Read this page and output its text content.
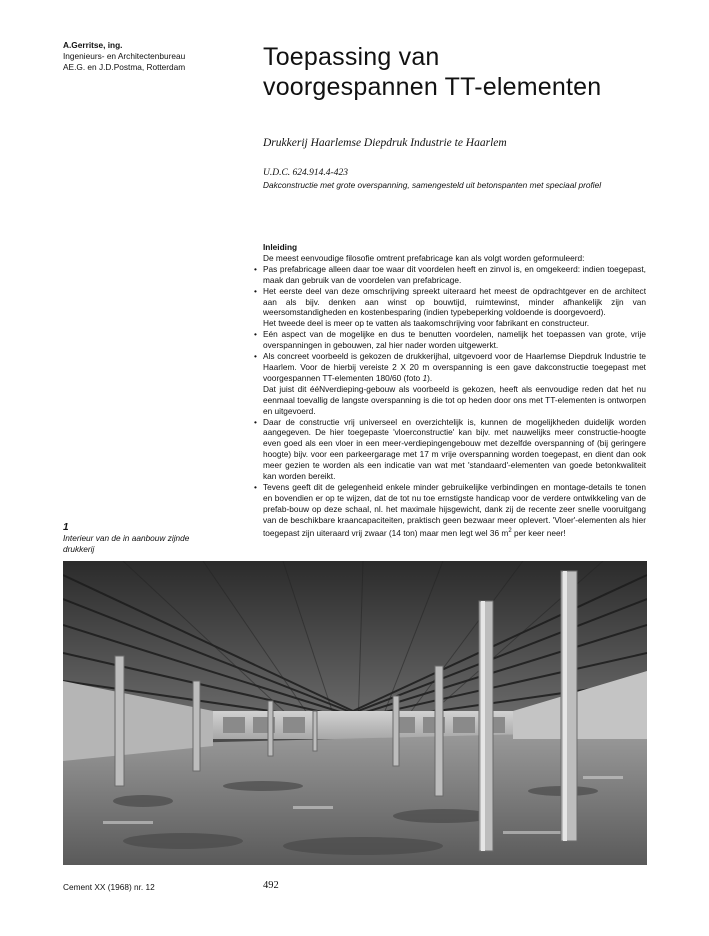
A.Gerritse, ing.
Ingenieurs- en Architectenbureau
AE.G. en J.D.Postma, Rotterdam	Toepassing van
voorgespannen TT-elementen
Drukkerij Haarlemse Diepdruk Industrie te Haarlem
U.D.C. 624.914.4-423
Dakconstructie met grote overspanning, samengesteld uit betonspanten met speciaal profiel

Inleiding

De meest eenvoudige filosofie omtrent prefabricage kan als volgt worden geformuleerd:

• Pas prefabricage alleen daar toe waar dit voordelen heeft en zinvol is, en omgekeerd: indien toegepast, maak dan gebruik van de voordelen van prefabricage.

• Het eerste deel van deze omschrijving spreekt uiteraard het meest de opdrachtgever en de architect aan als bijv. denken aan winst op bouwtijd, ruimtewinst, minder afhankelijk zijn van weersomstandigheden en kostenbesparing (indien typebeperking voldoende is doorgevoerd).

Het tweede deel is meer op te vatten als taakomschrijving voor fabrikant en constructeur.

• Eén aspect van de mogelijke en dus te benutten voordelen, namelijk het toepassen van grote, vrije overspanningen in gebouwen, zal hier nader worden uitgewerkt.

• Als concreet voorbeeld is gekozen de drukkerijhal, uitgevoerd voor de Haarlemse Diepdruk Industrie te Haarlem. Voor de hierbij vereiste 2 X 20 m overspanning is een gave dakconstructie toegepast met voorgespannen TT-elementen 180/60 (foto 1).

Dat juist dit ééNverdieping-gebouw als voorbeeld is gekozen, heeft als eenvoudige reden dat het nu eenmaal toevallig de langste overspanning is die tot op heden door ons met TT-elementen is ontworpen en uitgevoerd.

• Daar de constructie vrij universeel en overzichtelijk is, kunnen de mogelijkheden duidelijk worden aangegeven. De hier toegepaste 'vloerconstructie' kan bijv. met nauwelijks meer constructie-hoogte even goed als een vloer in een meer-verdiepingengebouw met dezelfde overspanning of (bij geringere hoogte) bijv. voor een parkeergarage met 17 m vrije overspanning worden toegepast, en dient dan ook meer gezien te worden als een indicatie van wat met 'standaard'-elementen van goede betonkwaliteit kan worden bereikt.

• Tevens geeft dit de gelegenheid enkele minder gebruikelijke verbindingen en montage-details te tonen en bovendien er op te wijzen, dat de tot nu toe ernstigste handicap voor de verdere ontwikkeling van de prefab-bouw op deze schaal, nl. het maximale hijsgewicht, dank zij de recente zeer snelle vooruitgang van de beschikbare kraancapaciteiten, praktisch geen bezwaar meer oplevert. 'Vloer'-elementen als hier toegepast zijn uiteraard vrij zwaar (14 ton) maar men legt wel 36 $m^2$ per keer neer!

1
Interieur van de in aanbouw zijnde drukkerij
Cement XX (1968) nr. 12	492
